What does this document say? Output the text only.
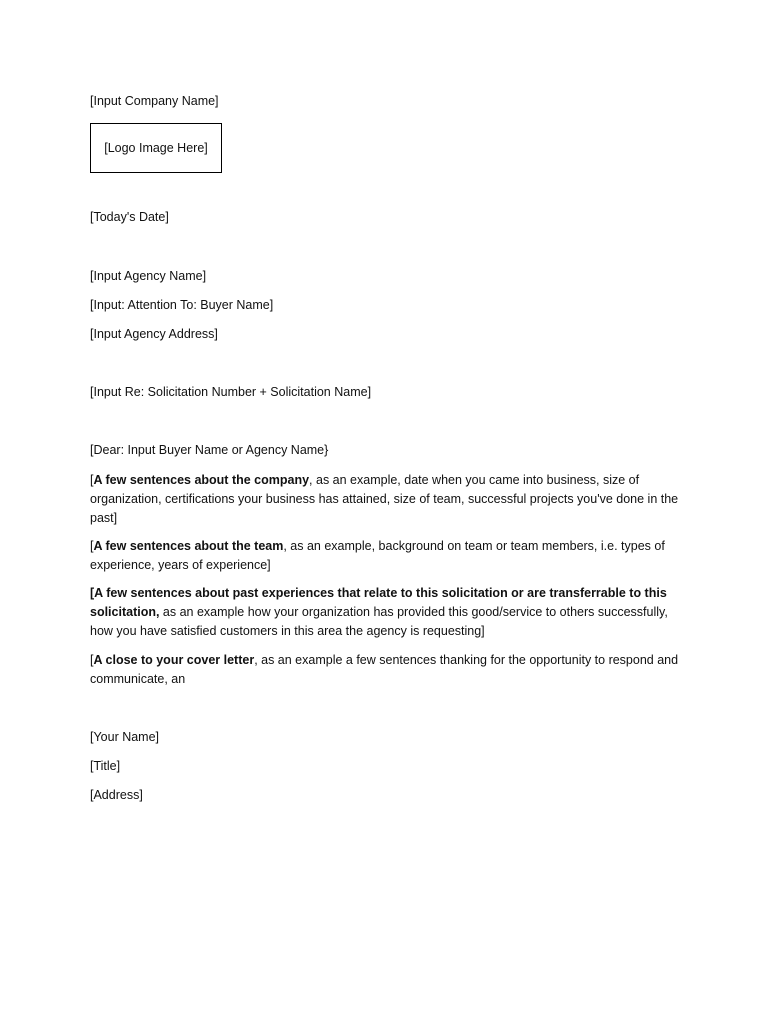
[Input Company Name]
[Logo Image Here]
[Today's Date]
[Input Agency Name]
[Input: Attention To: Buyer Name]
[Input Agency Address]
[Input Re: Solicitation Number + Solicitation Name]
[Dear: Input Buyer Name or Agency Name}
[A few sentences about the company, as an example, date when you came into business, size of organization, certifications your business has attained, size of team, successful projects you've done in the past]
[A few sentences about the team, as an example, background on team or team members, i.e. types of experience, years of experience]
[A few sentences about past experiences that relate to this solicitation or are transferrable to this solicitation, as an example how your organization has provided this good/service to others successfully, how you have satisfied customers in this area the agency is requesting]
[A close to your cover letter, as an example a few sentences thanking for the opportunity to respond and communicate, an
[Your Name]
[Title]
[Address]
